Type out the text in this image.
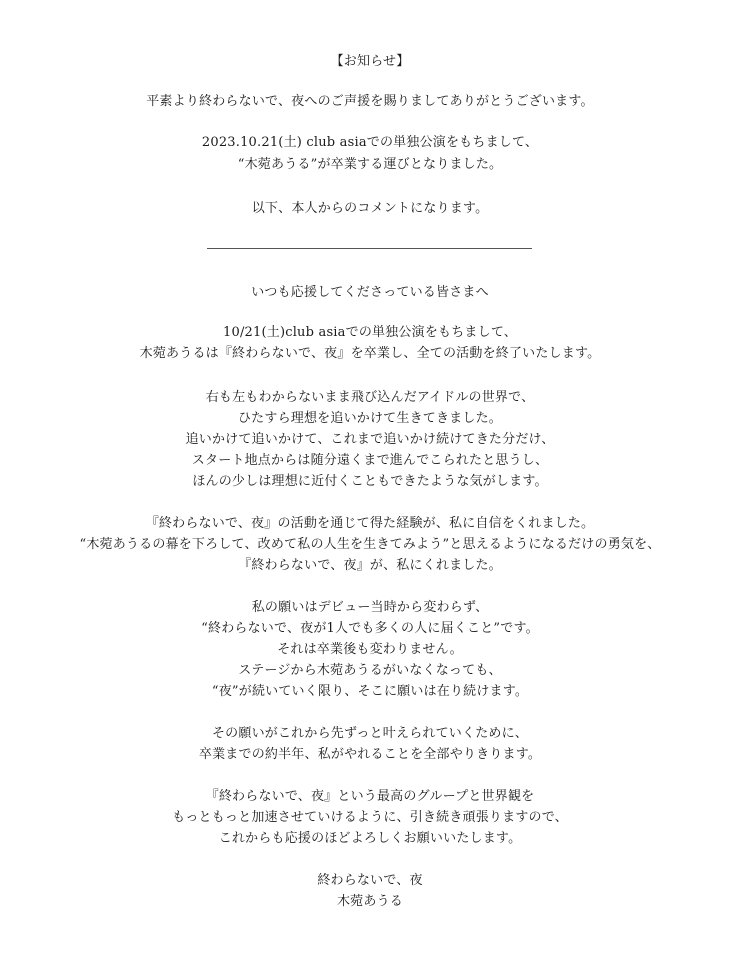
【お知らせ】
平素より終わらないで、夜へのご声援を賜りましてありがとうございます。
2023.10.21(土) club asiaでの単独公演をもちまして、
“木菀あうる”が卒業する運びとなりました。
以下、本人からのコメントになります。
いつも応援してくださっている皆さまへ
10/21(土)club asiaでの単独公演をもちまして、
木菀あうるは『終わらないで、夜』を卒業し、全ての活動を終了いたします。
右も左もわからないまま飛び込んだアイドルの世界で、
ひたすら理想を追いかけて生きてきました。
追いかけて追いかけて、これまで追いかけ続けてきた分だけ、
スタート地点からは随分遠くまで進んでこられたと思うし、
ほんの少しは理想に近付くこともできたような気がします。
『終わらないで、夜』の活動を通じて得た経験が、私に自信をくれました。
“木菀あうるの幕を下ろして、改めて私の人生を生きてみよう”と思えるようになるだけの勇気を、
『終わらないで、夜』が、私にくれました。
私の願いはデビュー当時から変わらず、
“終わらないで、夜が1人でも多くの人に届くこと”です。
それは卒業後も変わりません。
ステージから木菀あうるがいなくなっても、
“夜”が続いていく限り、そこに願いは在り続けます。
その願いがこれから先ずっと叶えられていくために、
卒業までの約半年、私がやれることを全部やりきります。
『終わらないで、夜』という最高のグループと世界観を
もっともっと加速させていけるように、引き続き頑張りますので、
これからも応援のほどよろしくお願いいたします。
終わらないで、夜
木菀あうる
